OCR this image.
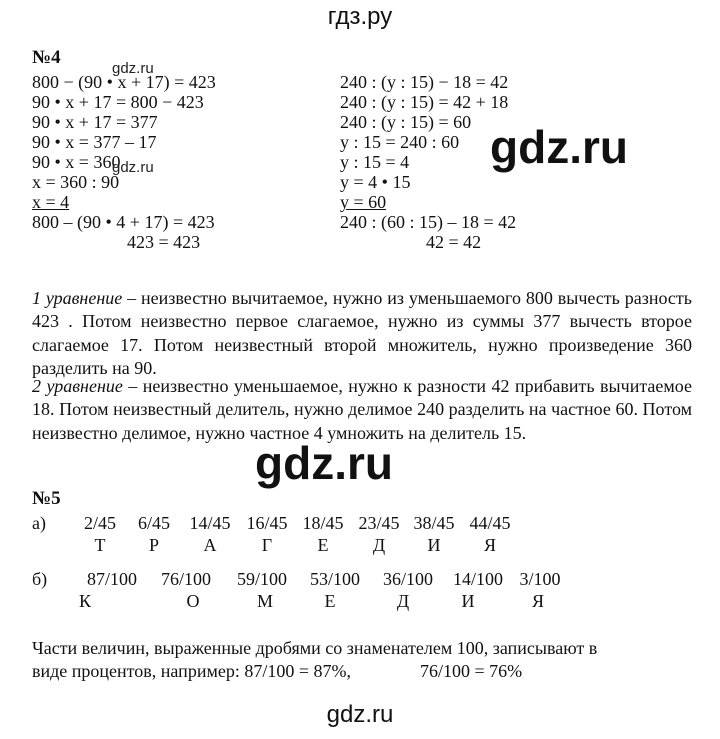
гдз.ру
№4
800 − (90 • x + 17) = 423
90 • x + 17 = 800 − 423
90 • x + 17 = 377
90 • x = 377 – 17
90 • x = 360
x = 360 : 90
x = 4
800 – (90 • 4 + 17) = 423
423 = 423
240 : (y : 15) − 18 = 42
240 : (y : 15) = 42 + 18
240 : (y : 15) = 60
y : 15 = 240 : 60
y : 15 = 4
y = 4 • 15
y = 60
240 : (60 : 15) – 18 = 42
42 = 42
gdz.ru
gdz.ru	gdz.ru
gdz.ru
1 уравнение – неизвестно вычитаемое, нужно из уменьшаемого 800 вычесть разность 423 . Потом неизвестно первое слагаемое, нужно из суммы 377 вычесть второе слагаемое 17. Потом неизвестный второй множитель, нужно произведение 360 разделить на 90.
2 уравнение – неизвестно уменьшаемое, нужно к разности 42 прибавить вычитаемое 18. Потом неизвестный делитель, нужно делимое 240 разделить на частное 60. Потом неизвестно делимое, нужно частное 4 умножить на делитель 15.
№5
а)	2/45	6/45	14/45 16/45 18/45 23/45 38/45 44/45
Т	Р	А	Г	Е	Д	И	Я
б)	87/100	76/100	59/100	53/100	36/100	14/100 3/100
К	О	М	Е	Д	И	Я
Части величин, выраженные дробями со знаменателем 100, записывают в
виде процентов, например: 87/100 = 87%,	76/100 = 76%
gdz.ru
